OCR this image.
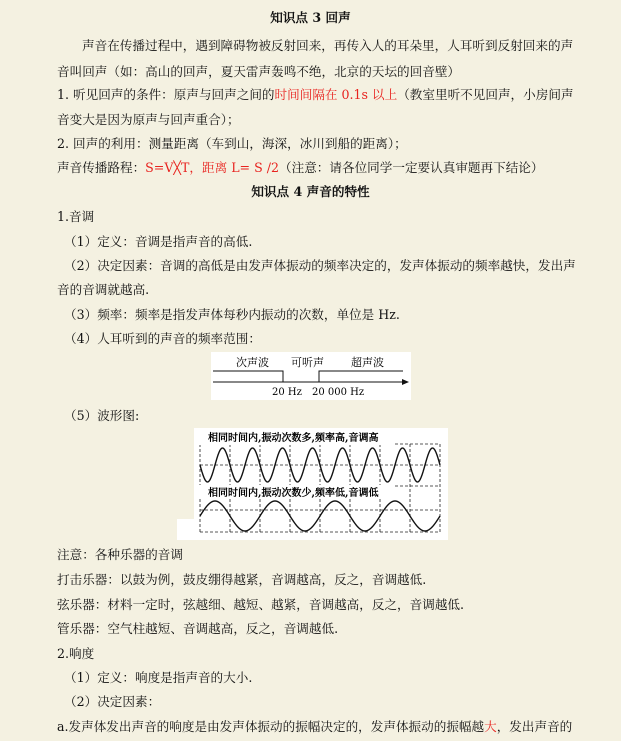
知识点 3 回声
声音在传播过程中，遇到障碍物被反射回来，再传入人的耳朵里，人耳听到反射回来的声
音叫回声（如：高山的回声，夏天雷声轰鸣不绝，北京的天坛的回音壁）
1. 听见回声的条件：原声与回声之间的时间间隔在 0.1s 以上（教室里听不见回声，小房间声
音变大是因为原声与回声重合）；
2. 回声的利用：测量距离（车到山，海深，冰川到船的距离）；
声音传播路程：S=V╳T，距离 L= S /2（注意：请各位同学一定要认真审题再下结论）
知识点 4 声音的特性
1.音调
（1）定义：音调是指声音的高低.
（2）决定因素：音调的高低是由发声体振动的频率决定的，发声体振动的频率越快，发出声
音的音调就越高.
（3）频率：频率是指发声体每秒内振动的次数，单位是 Hz.
（4）人耳听到的声音的频率范围：
次声波 可听声 超声波
20 Hz 20 000 Hz
（5）波形图:
相同时间内,振动次数多,频率高,音调高
相同时间内,振动次数少,频率低,音调低
注意：各种乐器的音调
打击乐器：以鼓为例，鼓皮绷得越紧，音调越高，反之，音调越低.
弦乐器：材料一定时，弦越细、越短、越紧，音调越高，反之，音调越低.
管乐器：空气柱越短、音调越高，反之，音调越低.
2.响度
（1）定义：响度是指声音的大小.
（2）决定因素：
a.发声体发出声音的响度是由发声体振动的振幅决定的，发声体振动的振幅越大，发出声音的
